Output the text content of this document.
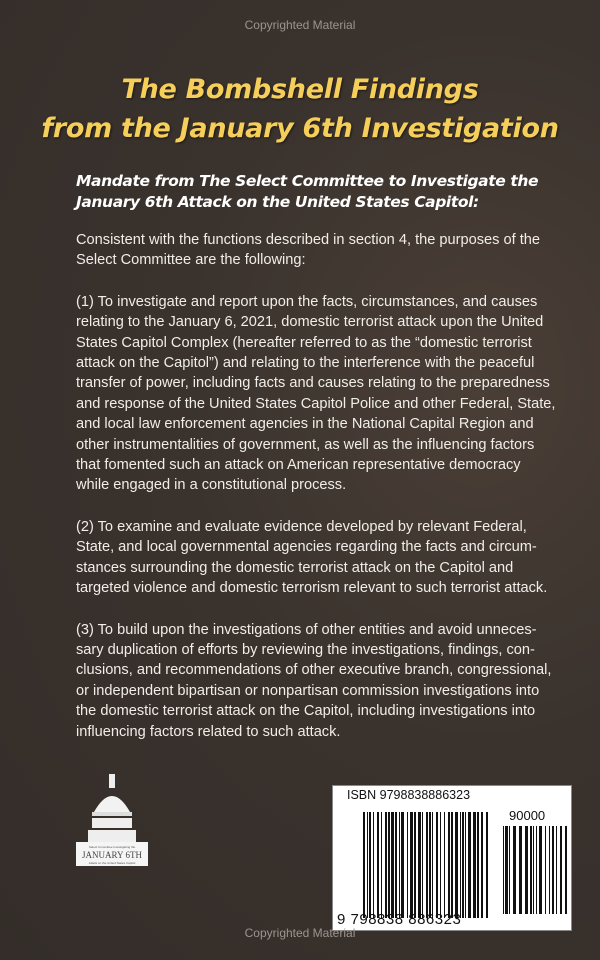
Copyrighted Material
The Bombshell Findings
from the January 6th Investigation
Mandate from The Select Committee to Investigate the
January 6th Attack on the United States Capitol:
Consistent with the functions described in section 4, the purposes of the
Select Committee are the following:
(1) To investigate and report upon the facts, circumstances, and causes
relating to the January 6, 2021, domestic terrorist attack upon the United
States Capitol Complex (hereafter referred to as the “domestic terrorist
attack on the Capitol”) and relating to the interference with the peaceful
transfer of power, including facts and causes relating to the preparedness
and response of the United States Capitol Police and other Federal, State,
and local law enforcement agencies in the National Capital Region and
other instrumentalities of government, as well as the influencing factors
that fomented such an attack on American representative democracy
while engaged in a constitutional process.
(2) To examine and evaluate evidence developed by relevant Federal,
State, and local governmental agencies regarding the facts and circum-
stances surrounding the domestic terrorist attack on the Capitol and
targeted violence and domestic terrorism relevant to such terrorist attack.
(3) To build upon the investigations of other entities and avoid unneces-
sary duplication of efforts by reviewing the investigations, findings, con-
clusions, and recommendations of other executive branch, congressional,
or independent bipartisan or nonpartisan commission investigations into
the domestic terrorist attack on the Capitol, including investigations into
influencing factors related to such attack.
Select Committee Investigating the
JANUARY 6TH
Attack on the United States Capitol
ISBN 9798838886323
90000
9 798838 886323
Copyrighted Material
